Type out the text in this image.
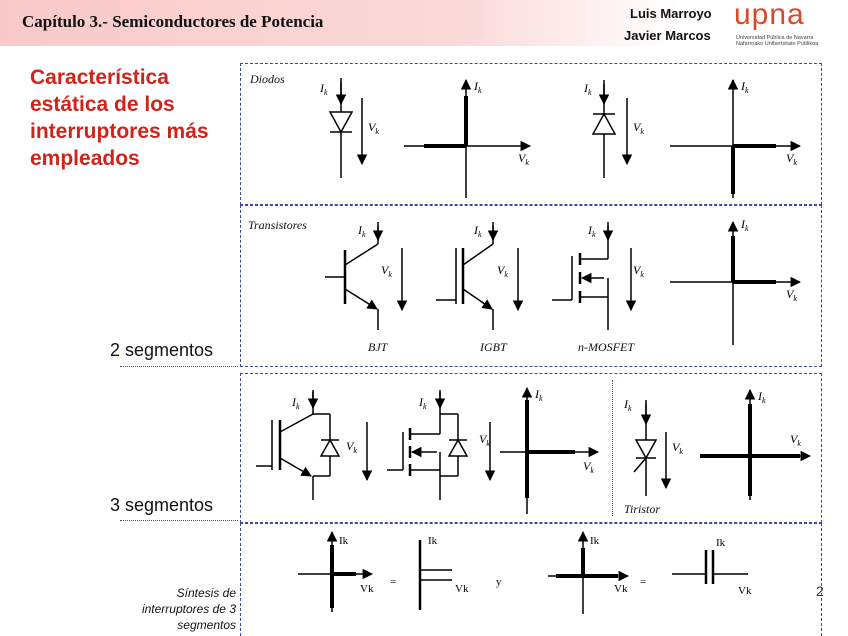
Capítulo 3.- Semiconductores de Potencia	Luis Marroyo
Javier Marcos
upna
Universidad Pública de Navarra
Nafarroako Unibertsitate Publikoa
Característica estática de los interruptores más empleados
2 segmentos
3 segmentos
Síntesis de
interruptores de 3
segmentos
2
Diodos
Transistores
BJT	IGBT	n-MOSFET
Tiristor
$I_k$
$V_k$
$I_k$
$V_k$
$I_k$
$V_k$
$I_k$
$V_k$
$I_k$
$V_k$
$I_k$
$V_k$
$I_k$
$V_k$
$I_k$
$V_k$
$I_k$
$V_k$
$I_k$
$V_k$
$I_k$
$V_k$
$I_k$
$V_k$
$I_k$
$V_k$
Ik
Vk
=
Ik
Vk
y
Ik
Vk
=
Ik
Vk
